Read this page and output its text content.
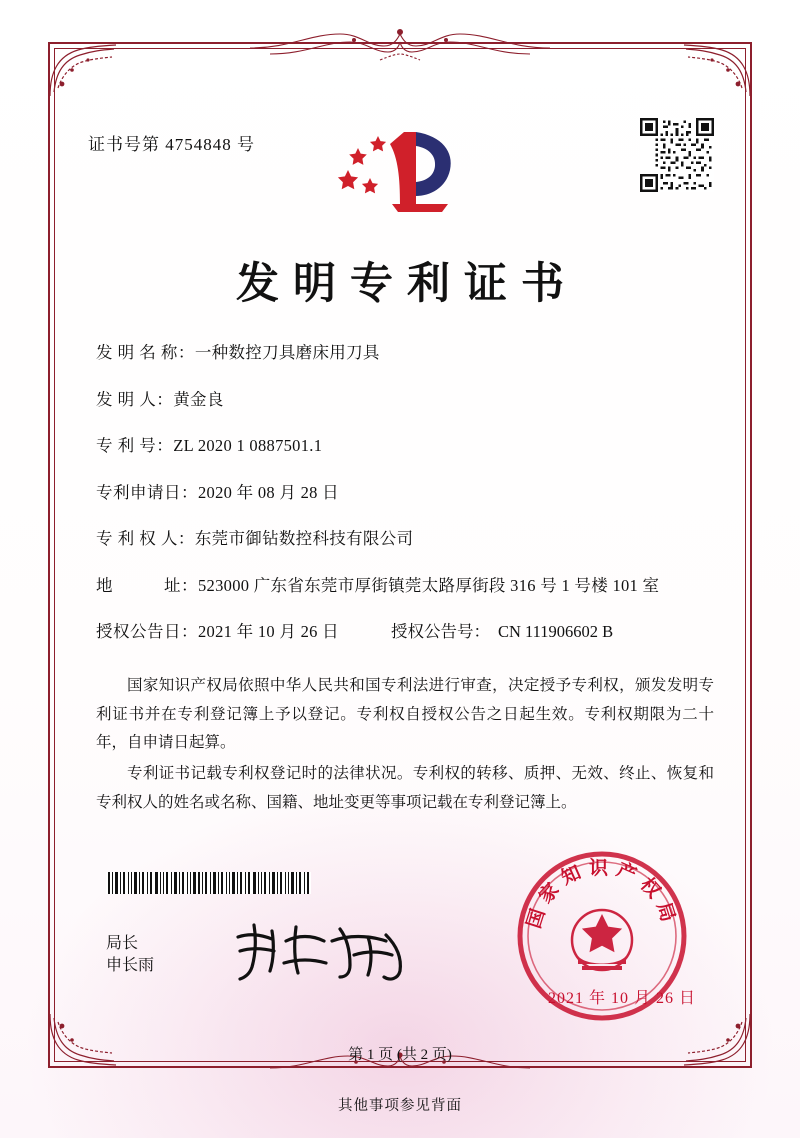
证书号第 4754848 号
发明专利证书
发 明 名 称： 一种数控刀具磨床用刀具
发 明 人： 黄金良
专 利 号： ZL 2020 1 0887501.1
专利申请日： 2020 年 08 月 28 日
专 利 权 人： 东莞市御钻数控科技有限公司
地　　　址： 523000 广东省东莞市厚街镇莞太路厚街段 316 号 1 号楼 101 室
授权公告日： 2021 年 10 月 26 日	授权公告号： CN 111906602 B

国家知识产权局依照中华人民共和国专利法进行审查，决定授予专利权，颁发发明专利证书并在专利登记簿上予以登记。专利权自授权公告之日起生效。专利权期限为二十年，自申请日起算。

专利证书记载专利权登记时的法律状况。专利权的转移、质押、无效、终止、恢复和专利权人的姓名或名称、国籍、地址变更等事项记载在专利登记簿上。

局长
申长雨
国家知识产权局
2021 年 10 月 26 日
第 1 页 (共 2 页)
其他事项参见背面
